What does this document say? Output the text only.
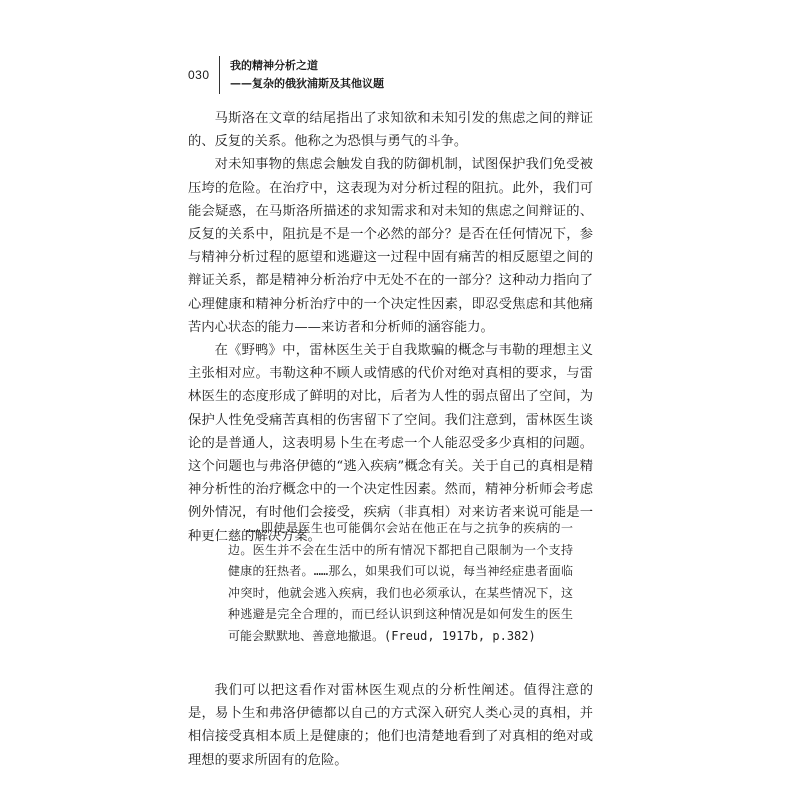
030
我的精神分析之道
——复杂的俄狄浦斯及其他议题

马斯洛在文章的结尾指出了求知欲和未知引发的焦虑之间的辩证的、反复的关系。他称之为恐惧与勇气的斗争。

对未知事物的焦虑会触发自我的防御机制，试图保护我们免受被压垮的危险。在治疗中，这表现为对分析过程的阻抗。此外，我们可能会疑惑，在马斯洛所描述的求知需求和对未知的焦虑之间辩证的、反复的关系中，阻抗是不是一个必然的部分？是否在任何情况下，参与精神分析过程的愿望和逃避这一过程中固有痛苦的相反愿望之间的辩证关系，都是精神分析治疗中无处不在的一部分？这种动力指向了心理健康和精神分析治疗中的一个决定性因素，即忍受焦虑和其他痛苦内心状态的能力——来访者和分析师的涵容能力。

在《野鸭》中，雷林医生关于自我欺骗的概念与韦勒的理想主义主张相对应。韦勒这种不顾人或情感的代价对绝对真相的要求，与雷林医生的态度形成了鲜明的对比，后者为人性的弱点留出了空间，为保护人性免受痛苦真相的伤害留下了空间。我们注意到，雷林医生谈论的是普通人，这表明易卜生在考虑一个人能忍受多少真相的问题。这个问题也与弗洛伊德的“逃入疾病”概念有关。关于自己的真相是精神分析性的治疗概念中的一个决定性因素。然而，精神分析师会考虑例外情况，有时他们会接受，疾病（非真相）对来访者来说可能是一种更仁慈的解决方案。

……即使是医生也可能偶尔会站在他正在与之抗争的疾病的一边。医生并不会在生活中的所有情况下都把自己限制为一个支持健康的狂热者。……那么，如果我们可以说，每当神经症患者面临冲突时，他就会逃入疾病，我们也必须承认，在某些情况下，这种逃避是完全合理的，而已经认识到这种情况是如何发生的医生可能会默默地、善意地撤退。(Freud, 1917b, p.382)

我们可以把这看作对雷林医生观点的分析性阐述。值得注意的是，易卜生和弗洛伊德都以自己的方式深入研究人类心灵的真相，并相信接受真相本质上是健康的；他们也清楚地看到了对真相的绝对或理想的要求所固有的危险。
